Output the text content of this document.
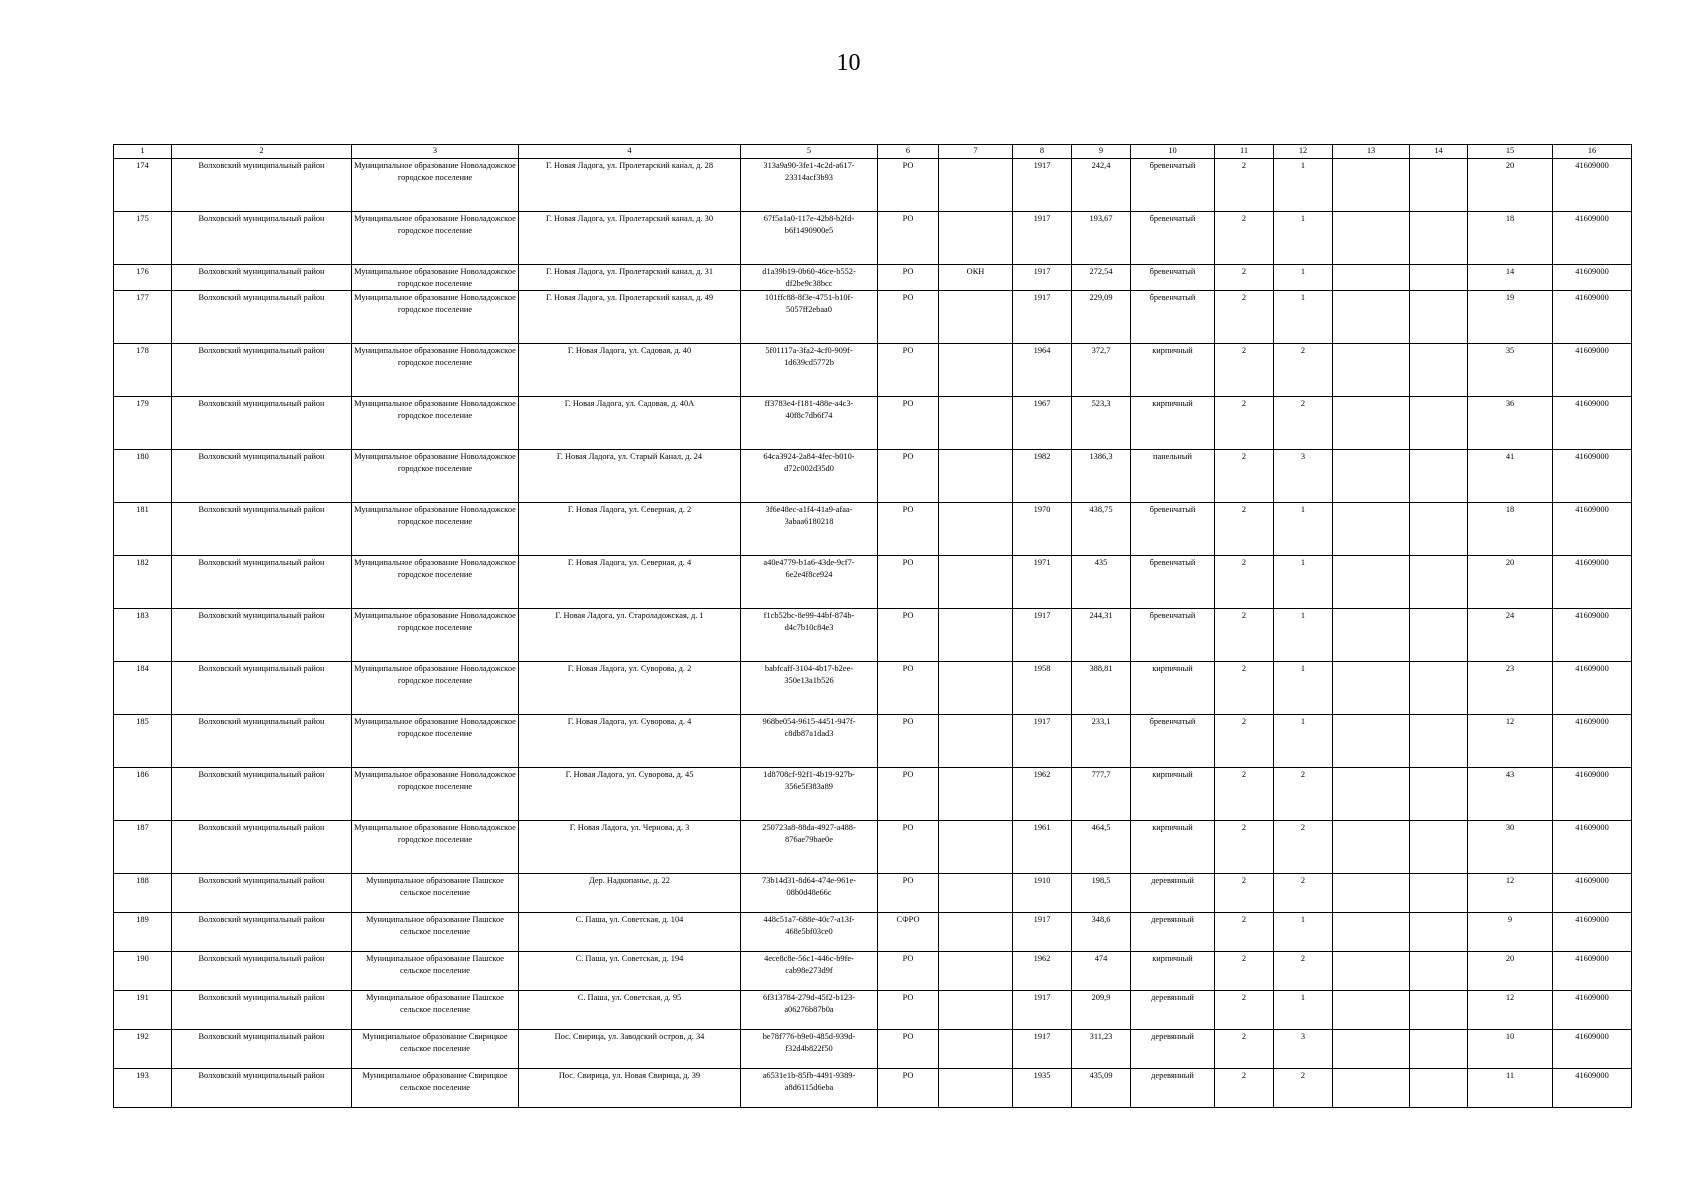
10
1	2	3	4	5	6	7	8	9	10	11	12	13	14	15	16
174	Волховский муниципальный район	Муниципальное образование Новоладожское городское поселение	Г. Новая Ладога, ул. Пролетарский канал, д. 28	313a9a90-3fe1-4c2d-a617-23314acf3b93	РО		1917	242,4	бревенчатый	2	1			20	41609000
175	Волховский муниципальный район	Муниципальное образование Новоладожское городское поселение	Г. Новая Ладога, ул. Пролетарский канал, д. 30	67f5a1a0-117e-42b8-b2fd-b6f1490900e5	РО		1917	193,67	бревенчатый	2	1			18	41609000
176	Волховский муниципальный район	Муниципальное образование Новоладожское городское поселение	Г. Новая Ладога, ул. Пролетарский канал, д. 31	d1a39b19-0b60-46ce-b552-df2be9c38bcc	РО	ОКН	1917	272,54	бревенчатый	2	1			14	41609000
177	Волховский муниципальный район	Муниципальное образование Новоладожское городское поселение	Г. Новая Ладога, ул. Пролетарский канал, д. 49	101ffc88-8f3e-4751-b10f-5057ff2ebaa0	РО		1917	229,09	бревенчатый	2	1			19	41609000
178	Волховский муниципальный район	Муниципальное образование Новоладожское городское поселение	Г. Новая Ладога, ул. Садовая, д. 40	5f01117a-3fa2-4cf0-909f-1d639cd5772b	РО		1964	372,7	кирпичный	2	2			35	41609000
179	Волховский муниципальный район	Муниципальное образование Новоладожское городское поселение	Г. Новая Ладога, ул. Садовая, д. 40А	ff3783e4-f181-488e-a4c3-40f8c7db6f74	РО		1967	523,3	кирпичный	2	2			36	41609000
180	Волховский муниципальный район	Муниципальное образование Новоладожское городское поселение	Г. Новая Ладога, ул. Старый Канал, д. 24	64ca3924-2a84-4fec-b010-d72c002d35d0	РО		1982	1386,3	панельный	2	3			41	41609000
181	Волховский муниципальный район	Муниципальное образование Новоладожское городское поселение	Г. Новая Ладога, ул. Северная, д. 2	3f6e48ec-a1f4-41a9-afaa-3abaa6180218	РО		1970	438,75	бревенчатый	2	1			18	41609000
182	Волховский муниципальный район	Муниципальное образование Новоладожское городское поселение	Г. Новая Ладога, ул. Северная, д. 4	a40e4779-b1a6-43de-9cf7-6e2e4f8ce924	РО		1971	435	бревенчатый	2	1			20	41609000
183	Волховский муниципальный район	Муниципальное образование Новоладожское городское поселение	Г. Новая Ладога, ул. Староладожская, д. 1	f1cb52bc-8e99-44bf-874b-d4c7b10c84e3	РО		1917	244,31	бревенчатый	2	1			24	41609000
184	Волховский муниципальный район	Муниципальное образование Новоладожское городское поселение	Г. Новая Ладога, ул. Суворова, д. 2	babfcaff-3104-4b17-b2ee-350e13a1b526	РО		1958	388,81	кирпичный	2	1			23	41609000
185	Волховский муниципальный район	Муниципальное образование Новоладожское городское поселение	Г. Новая Ладога, ул. Суворова, д. 4	968be054-9615-4451-947f-c8db87a1dad3	РО		1917	233,1	бревенчатый	2	1			12	41609000
186	Волховский муниципальный район	Муниципальное образование Новоладожское городское поселение	Г. Новая Ладога, ул. Суворова, д. 45	1d8708cf-92f1-4b19-927b-356e5f383a89	РО		1962	777,7	кирпичный	2	2			43	41609000
187	Волховский муниципальный район	Муниципальное образование Новоладожское городское поселение	Г. Новая Ладога, ул. Чернова, д. 3	250723a8-88da-4927-a488-876ae79bae0e	РО		1961	464,5	кирпичный	2	2			30	41609000
188	Волховский муниципальный район	Муниципальное образование Пашское сельское поселение	Дер. Надкопанье, д. 22	73b14d31-8d64-474e-961e-08b0d48e66c	РО		1910	198,5	деревянный	2	2			12	41609000
189	Волховский муниципальный район	Муниципальное образование Пашское сельское поселение	С. Паша, ул. Советская, д. 104	448c51a7-688e-40c7-a13f-468e5bf03ce0	СФРО		1917	348,6	деревянный	2	1			9	41609000
190	Волховский муниципальный район	Муниципальное образование Пашское сельское поселение	С. Паша, ул. Советская, д. 194	4ece8c8e-56c1-446c-b9fe-cab98e273d9f	РО		1962	474	кирпичный	2	2			20	41609000
191	Волховский муниципальный район	Муниципальное образование Пашское сельское поселение	С. Паша, ул. Советская, д. 95	6f313784-279d-45f2-b123-a06276b87b0a	РО		1917	209,9	деревянный	2	1			12	41609000
192	Волховский муниципальный район	Муниципальное образование Свирицкое сельское поселение	Пос. Свирица, ул. Заводский остров, д. 34	be78f776-b9e0-485d-939d-f32d4b822f50	РО		1917	311,23	деревянный	2	3			10	41609000
193	Волховский муниципальный район	Муниципальное образование Свирицкое сельское поселение	Пос. Свирица, ул. Новая Свирица, д. 39	a6531e1b-85fb-4491-9389-a8d6115d6eba	РО		1935	435,09	деревянный	2	2			11	41609000
